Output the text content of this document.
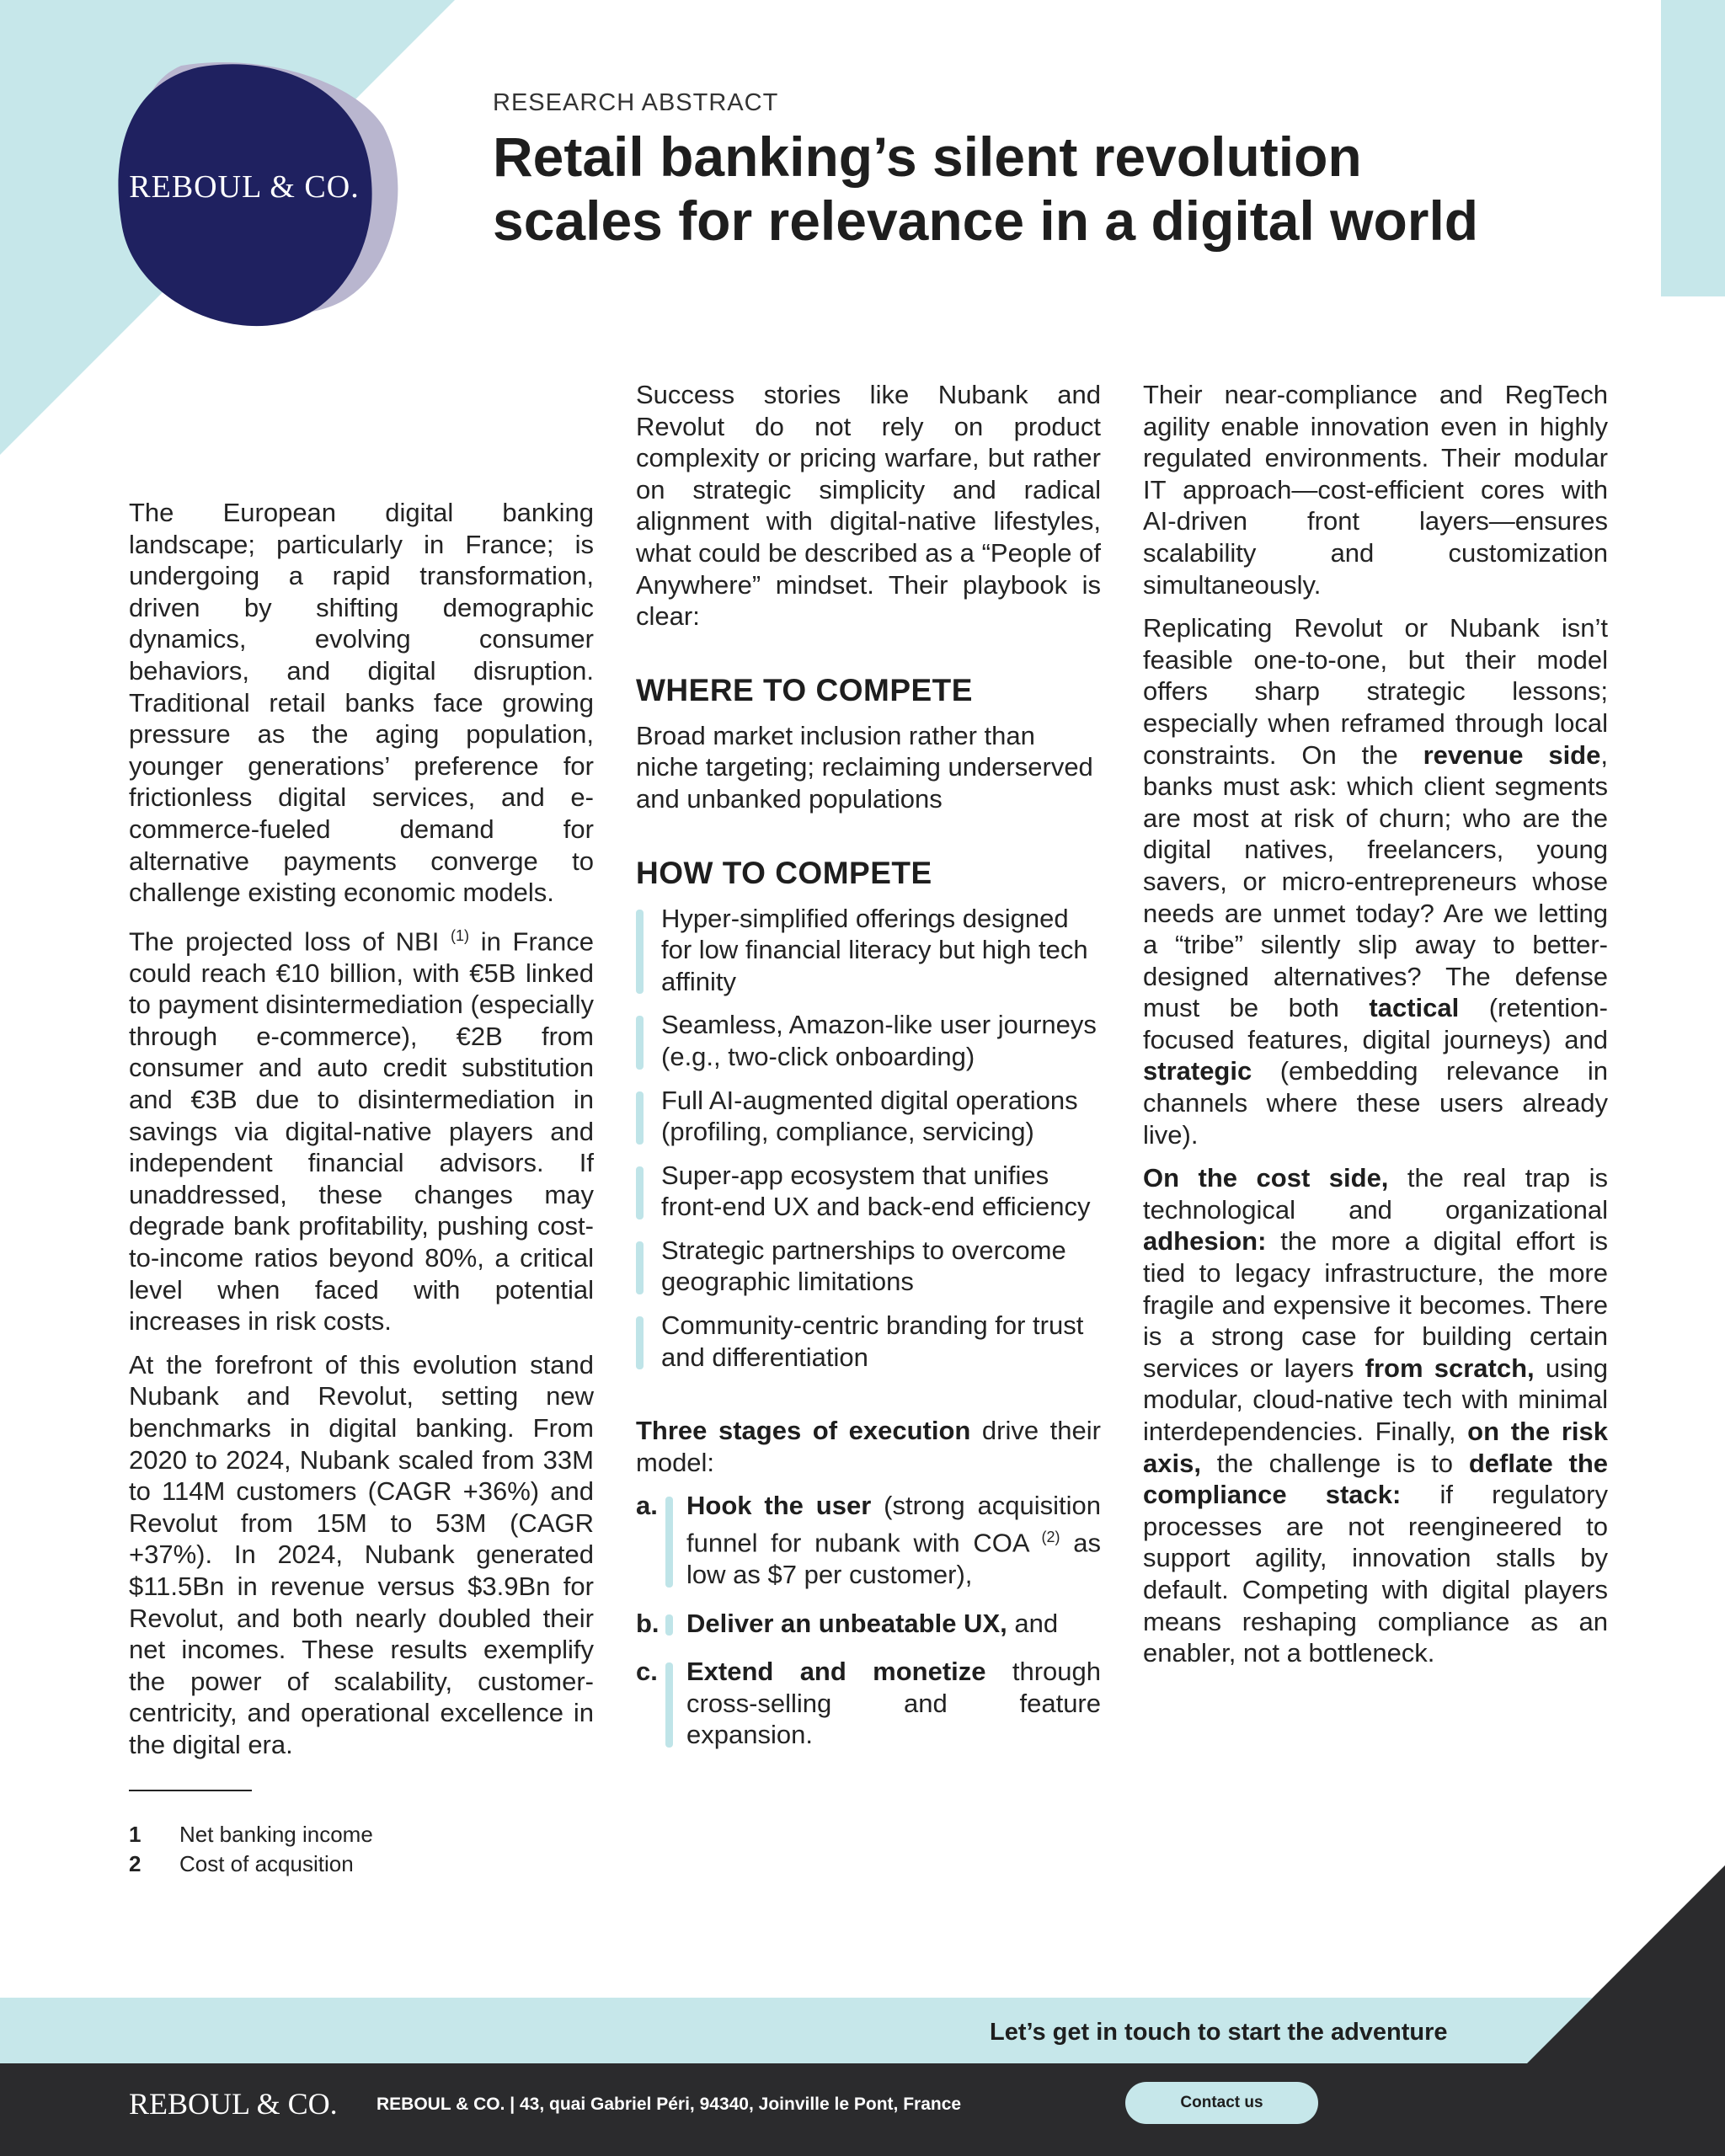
REBOUL & CO.
RESEARCH ABSTRACT
Retail banking’s silent revolution
scales for relevance in a digital world

The European digital banking landscape; particularly in France; is undergoing a rapid transformation, driven by shifting demographic dynamics, evolving consumer behaviors, and digital disruption. Traditional retail banks face growing pressure as the aging population, younger generations’ preference for frictionless digital services, and e-commerce-fueled demand for alternative payments converge to challenge existing economic models.

The projected loss of NBI $^{(1)}$ in France could reach €10 billion, with €5B linked to payment disintermediation (especially through e-commerce), €2B from consumer and auto credit substitution and €3B due to disintermediation in savings via digital-native players and independent financial advisors. If unaddressed, these changes may degrade bank profitability, pushing cost-to-income ratios beyond 80%, a critical level when faced with potential increases in risk costs.

At the forefront of this evolution stand Nubank and Revolut, setting new benchmarks in digital banking. From 2020 to 2024, Nubank scaled from 33M to 114M customers (CAGR +36%) and Revolut from 15M to 53M (CAGR +37%). In 2024, Nubank generated $11.5Bn in revenue versus $3.9Bn for Revolut, and both nearly doubled their net incomes. These results exemplify the power of scalability, customer-centricity, and operational excellence in the digital era.

Success stories like Nubank and Revolut do not rely on product complexity or pricing warfare, but rather on strategic simplicity and radical alignment with digital-native lifestyles, what could be described as a “People of Anywhere” mindset. Their playbook is clear:

WHERE TO COMPETE

Broad market inclusion rather than niche targeting; reclaiming underserved and unbanked populations

HOW TO COMPETE
Hyper-simplified offerings designed for low financial literacy but high tech affinity
Seamless, Amazon-like user journeys (e.g., two-click onboarding)
Full AI-augmented digital operations (profiling, compliance, servicing)
Super-app ecosystem that unifies front-end UX and back-end efficiency
Strategic partnerships to overcome geographic limitations
Community-centric branding for trust and differentiation

Three stages of execution drive their model:

a. Hook the user (strong acquisition funnel for nubank with COA $^{(2)}$ as low as $7 per customer),
b. Deliver an unbeatable UX, and
c. Extend and monetize through cross-selling and feature expansion.

Their near-compliance and RegTech agility enable innovation even in highly regulated environments. Their modular IT approach—cost-efficient cores with AI-driven front layers—ensures scalability and customization simultaneously.

Replicating Revolut or Nubank isn’t feasible one-to-one, but their model offers sharp strategic lessons; especially when reframed through local constraints. On the revenue side, banks must ask: which client segments are most at risk of churn; who are the digital natives, freelancers, young savers, or micro-entrepreneurs whose needs are unmet today? Are we letting a “tribe” silently slip away to better-designed alternatives? The defense must be both tactical (retention-focused features, digital journeys) and strategic (embedding relevance in channels where these users already live).

On the cost side, the real trap is technological and organizational adhesion: the more a digital effort is tied to legacy infrastructure, the more fragile and expensive it becomes. There is a strong case for building certain services or layers from scratch, using modular, cloud-native tech with minimal interdependencies. Finally, on the risk axis, the challenge is to deflate the compliance stack: if regulatory processes are not reengineered to support agility, innovation stalls by default. Competing with digital players means reshaping compliance as an enabler, not a bottleneck.

1 Net banking income
2 Cost of acqusition
Let’s get in touch to start the adventure
REBOUL & CO. REBOUL & CO. | 43, quai Gabriel Péri, 94340, Joinville le Pont, France	Contact us
